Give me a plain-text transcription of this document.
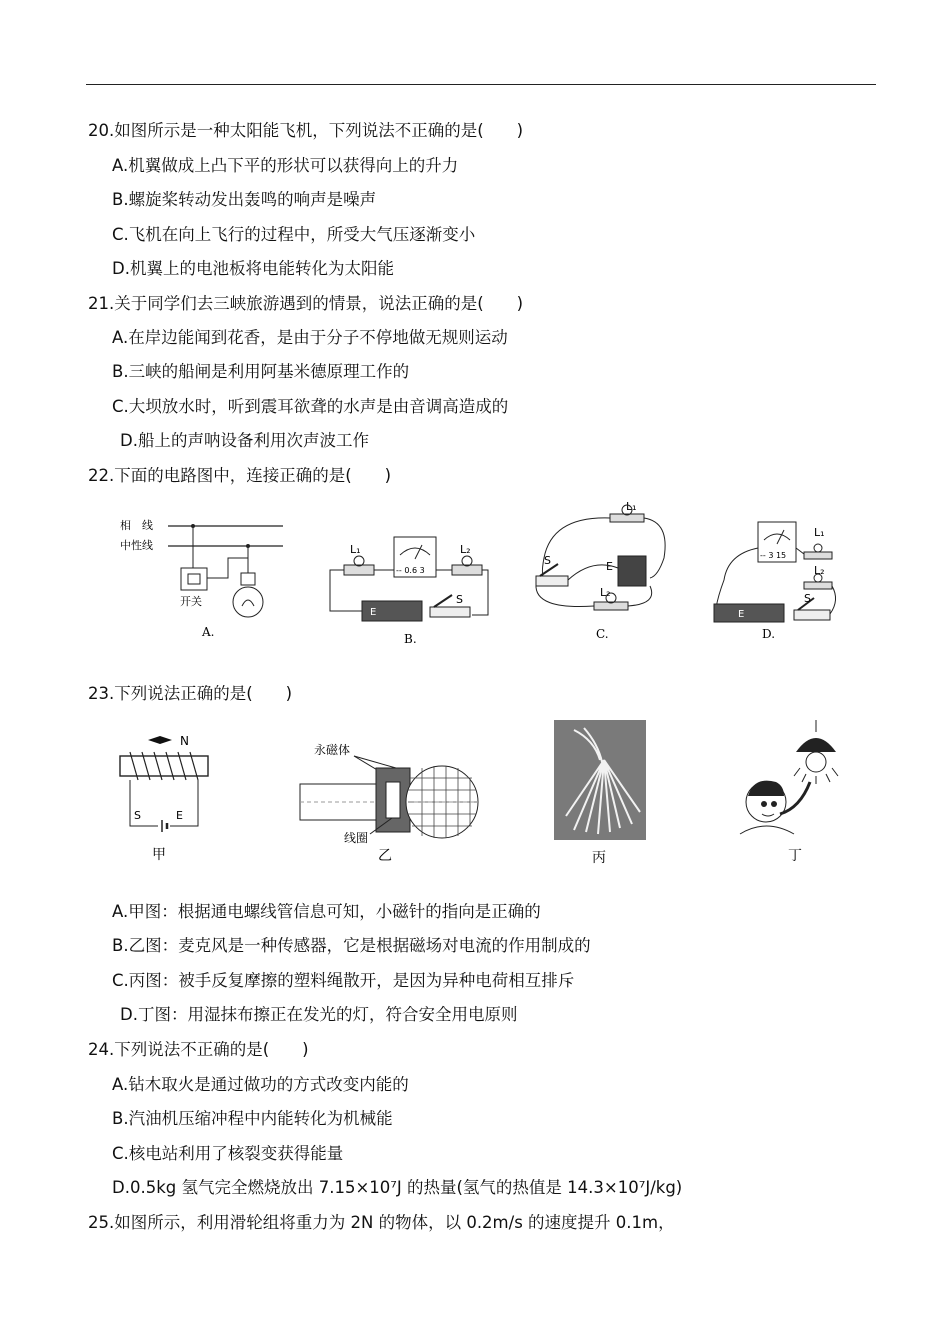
20.如图所示是一种太阳能飞机，下列说法不正确的是(　　)
A.机翼做成上凸下平的形状可以获得向上的升力
B.螺旋桨转动发出轰鸣的响声是噪声
C.飞机在向上飞行的过程中，所受大气压逐渐变小
D.机翼上的电池板将电能转化为太阳能
21.关于同学们去三峡旅游遇到的情景，说法正确的是(　　)
A.在岸边能闻到花香，是由于分子不停地做无规则运动
B.三峡的船闸是利用阿基米德原理工作的
C.大坝放水时，听到震耳欲聋的水声是由音调高造成的
D.船上的声呐设备利用次声波工作
22.下面的电路图中，连接正确的是(　　)
相　线
中性线
开关
A.
L₁	L₂
-- 0.6 3
E
S
B.
L₁
S	E
L₂
C.
-- 3 15
L₁
L₂
E
S
D.
23.下列说法正确的是(　　)
N
S	E
甲
永磁体
线圈
乙	丙	丁
A.甲图：根据通电螺线管信息可知，小磁针的指向是正确的
B.乙图：麦克风是一种传感器，它是根据磁场对电流的作用制成的
C.丙图：被手反复摩擦的塑料绳散开，是因为异种电荷相互排斥
D.丁图：用湿抹布擦正在发光的灯，符合安全用电原则
24.下列说法不正确的是(　　)
A.钻木取火是通过做功的方式改变内能的
B.汽油机压缩冲程中内能转化为机械能
C.核电站利用了核裂变获得能量
D.0.5kg 氢气完全燃烧放出 7.15×10⁷J 的热量(氢气的热值是 14.3×10⁷J/kg)
25.如图所示，利用滑轮组将重力为 2N 的物体，以 0.2m/s 的速度提升 0.1m，
